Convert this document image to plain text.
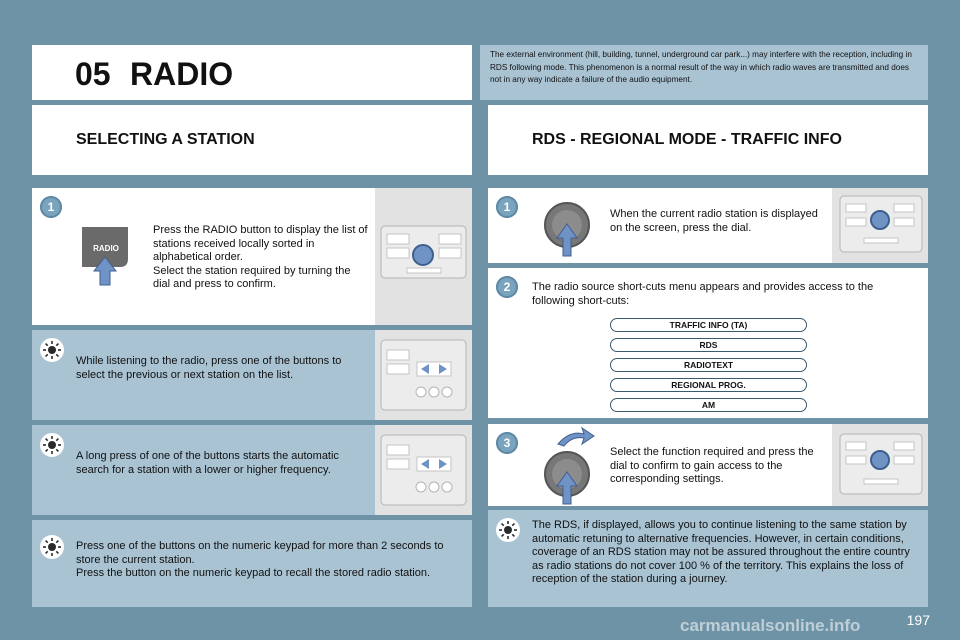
05 RADIO
The external environment (hill, building, tunnel, underground car park...) may interfere with the reception, including in RDS following mode. This phenomenon is a normal result of the way in which radio waves are transmitted and does not in any way indicate a failure of the audio equipment.
SELECTING A STATION	RDS - REGIONAL MODE - TRAFFIC INFO
1
RADIO
Press the RADIO button to display the list of stations received locally sorted in alphabetical order.
Select the station required by turning the dial and press to confirm.
While listening to the radio, press one of the buttons to select the previous or next station on the list.
A long press of one of the buttons starts the automatic search for a station with a lower or higher frequency.
Press one of the buttons on the numeric keypad for more than 2 seconds to store the current station.
Press the button on the numeric keypad to recall the stored radio station.
1	When the current radio station is displayed on the screen, press the dial.
2	The radio source short-cuts menu appears and provides access to the following short-cuts:
TRAFFIC INFO (TA)
RDS
RADIOTEXT
REGIONAL PROG.
AM
3
Select the function required and press the dial to confirm to gain access to the corresponding settings.
The RDS, if displayed, allows you to continue listening to the same station by automatic retuning to alternative frequencies. However, in certain conditions, coverage of an RDS station may not be assured throughout the entire country as radio stations do not cover 100 % of the territory. This explains the loss of reception of the station during a journey.
197
carmanualsonline.info
